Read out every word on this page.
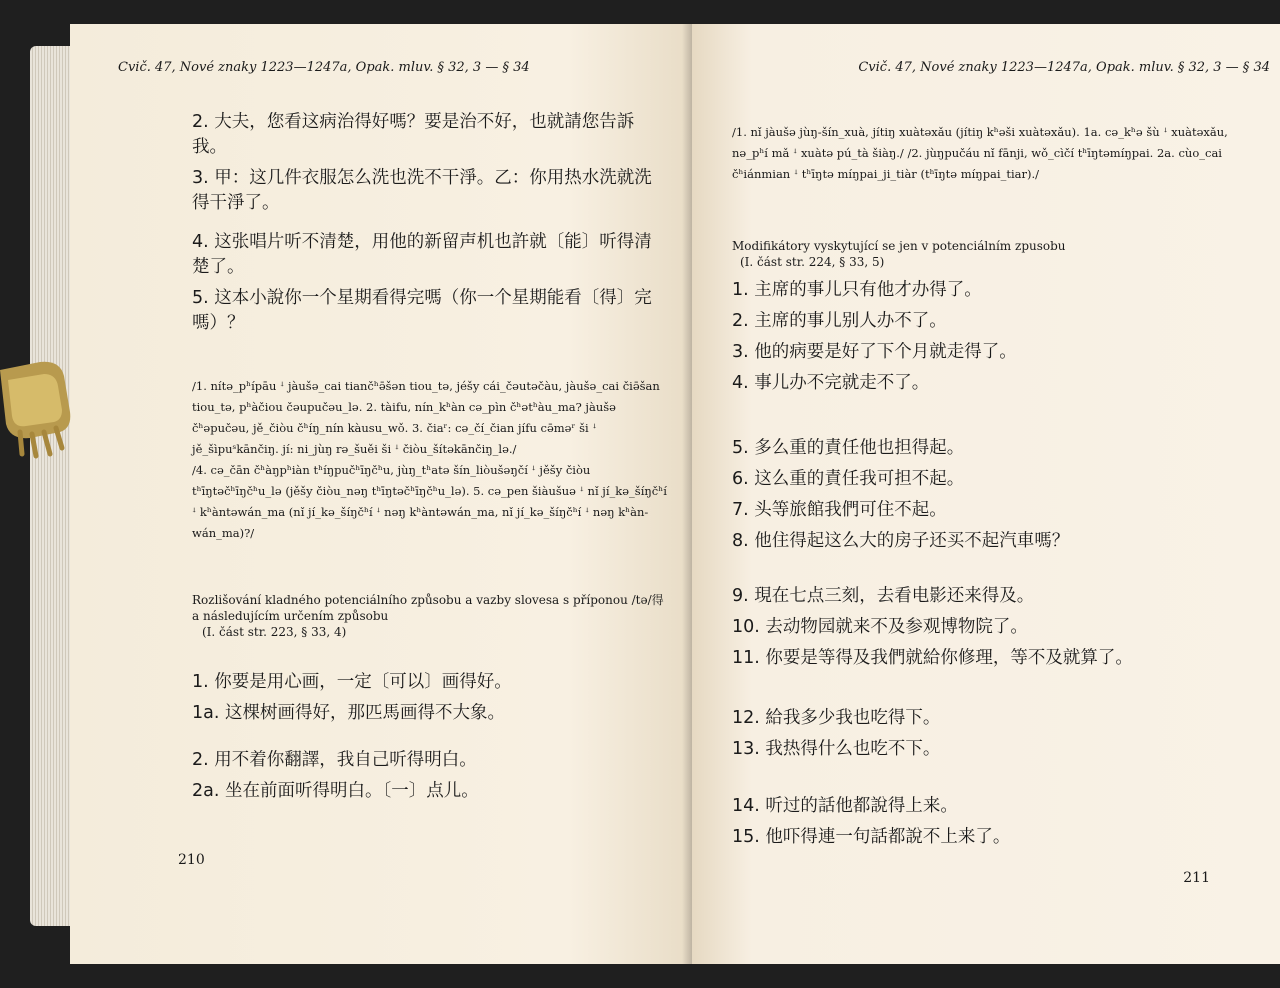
Cvič. 47, Nové znaky 1223—1247a, Opak. mluv. § 32, 3 — § 34

2. 大夫，您看这病治得好嗎？要是治不好，也就請您告訴我。

3. 甲：这几件衣服怎么洗也洗不干淨。乙：你用热水洗就洗得干淨了。

4. 这张唱片听不清楚，用他的新留声机也許就〔能〕听得清楚了。

5. 这本小說你一个星期看得完嗎（你一个星期能看〔得〕完嗎）？

/1. nítə_pʰípāu ꜜ jàušə_cai tiančʰə̄šən tiou_tə, jéšy cái_čəutəčàu, jàušə_cai čiə̄šan tiou_tə, pʰàčiou čəupučəu_lə. 2. tàifu, nín_kʰàn cə_pìn čʰətʰàu_ma? jàušə čʰəpučəu, jě_čiòu čʰíŋ_nín kàusu_wǒ. 3. čiaʳ: cə_čí_čian jífu cə̄məʳ ši ꜜ jě_šìpuˢkānčiŋ. jí: ni_jùŋ rə_šuěi ši ꜜ čiòu_šítəkānčiŋ_lə./

/4. cə_čān čʰàŋpʰiàn tʰíŋpučʰīŋčʰu, jùŋ_tʰatə šín_liòušəŋčí ꜜ jěšy čiòu tʰīŋtəčʰīŋčʰu_lə (jěšy čiòu_nəŋ tʰīŋtəčʰīŋčʰu_lə). 5. cə_pen šiàušuə ꜜ nǐ jí_kə_šíŋčʰí ꜜ kʰàntəwán_ma (nǐ jí_kə_šíŋčʰí ꜜ nəŋ kʰàntəwán_ma, nǐ jí_kə_šíŋčʰí ꜜ nəŋ kʰàn-wán_ma)?/

Rozlišování kladného potenciálního způsobu a vazby slovesa s příponou /tə/得 a následujícím určením způsobu

(I. část str. 223, § 33, 4)

1. 你要是用心画，一定〔可以〕画得好。

1a. 这棵树画得好，那匹馬画得不大象。

2. 用不着你翻譯，我自己听得明白。

2a. 坐在前面听得明白。〔一〕点儿。

210
Cvič. 47, Nové znaky 1223—1247a, Opak. mluv. § 32, 3 — § 34

/1. nǐ jàušə jùŋ-šín_xuà, jítiŋ xuàtəxǎu (jítiŋ kʰəši xuàtəxǎu). 1a. cə_kʰə šù ꜜ xuàtəxǎu, nə_pʰí mǎ ꜜ xuàtə pú_tà šiàŋ./ /2. jùŋpučáu nǐ fānji, wǒ_cìčí tʰīŋtəmíŋpai. 2a. cùo_cai čʰiánmian ꜜ tʰīŋtə míŋpai_ji_tiàr (tʰīŋtə míŋpai_tiar)./

Modifikátory vyskytující se jen v potenciálním zpusobu

(I. část str. 224, § 33, 5)

1. 主席的事儿只有他才办得了。

2. 主席的事儿别人办不了。

3. 他的病要是好了下个月就走得了。

4. 事儿办不完就走不了。

5. 多么重的責任他也担得起。

6. 这么重的責任我可担不起。

7. 头等旅館我們可住不起。

8. 他住得起这么大的房子还买不起汽車嗎？

9. 現在七点三刻，去看电影还来得及。

10. 去动物园就来不及参观博物院了。

11. 你要是等得及我們就給你修理，等不及就算了。

12. 給我多少我也吃得下。

13. 我热得什么也吃不下。

14. 听过的話他都說得上来。

15. 他吓得連一句話都說不上来了。

211
